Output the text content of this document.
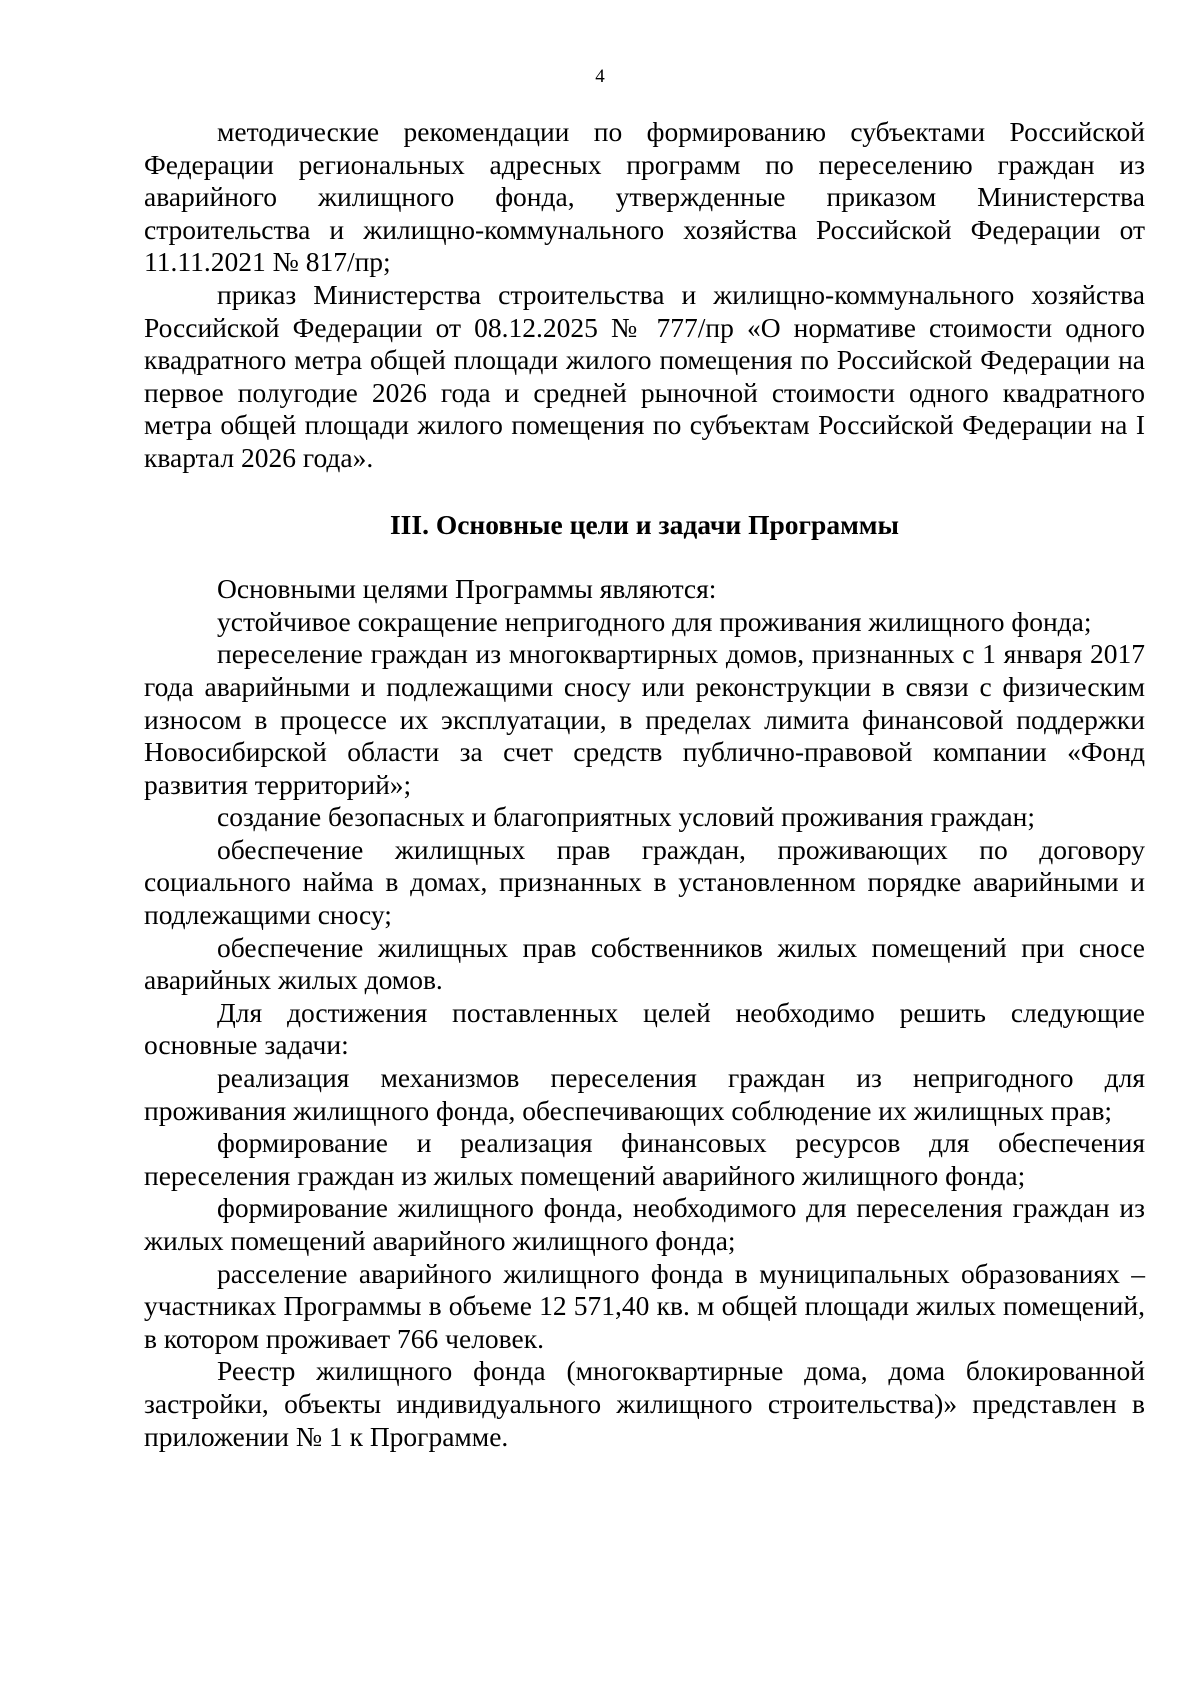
4

методические рекомендации по формированию субъектами Российской Федерации региональных адресных программ по переселению граждан из аварийного жилищного фонда, утвержденные приказом Министерства строительства и жилищно-коммунального хозяйства Российской Федерации от 11.11.2021 № 817/пр;

приказ Министерства строительства и жилищно-коммунального хозяйства Российской Федерации от 08.12.2025 № 777/пр «О нормативе стоимости одного квадратного метра общей площади жилого помещения по Российской Федерации на первое полугодие 2026 года и средней рыночной стоимости одного квадратного метра общей площади жилого помещения по субъектам Российской Федерации на I квартал 2026 года».

III. Основные цели и задачи Программы

Основными целями Программы являются:

устойчивое сокращение непригодного для проживания жилищного фонда;

переселение граждан из многоквартирных домов, признанных с 1 января 2017 года аварийными и подлежащими сносу или реконструкции в связи с физическим износом в процессе их эксплуатации, в пределах лимита финансовой поддержки Новосибирской области за счет средств публично-правовой компании «Фонд развития территорий»;

создание безопасных и благоприятных условий проживания граждан;

обеспечение жилищных прав граждан, проживающих по договору социального найма в домах, признанных в установленном порядке аварийными и подлежащими сносу;

обеспечение жилищных прав собственников жилых помещений при сносе аварийных жилых домов.

Для достижения поставленных целей необходимо решить следующие основные задачи:

реализация механизмов переселения граждан из непригодного для проживания жилищного фонда, обеспечивающих соблюдение их жилищных прав;

формирование и реализация финансовых ресурсов для обеспечения переселения граждан из жилых помещений аварийного жилищного фонда;

формирование жилищного фонда, необходимого для переселения граждан из жилых помещений аварийного жилищного фонда;

расселение аварийного жилищного фонда в муниципальных образованиях – участниках Программы в объеме 12 571,40 кв. м общей площади жилых помещений, в котором проживает 766 человек.

Реестр жилищного фонда (многоквартирные дома, дома блокированной застройки, объекты индивидуального жилищного строительства)» представлен в приложении № 1 к Программе.
